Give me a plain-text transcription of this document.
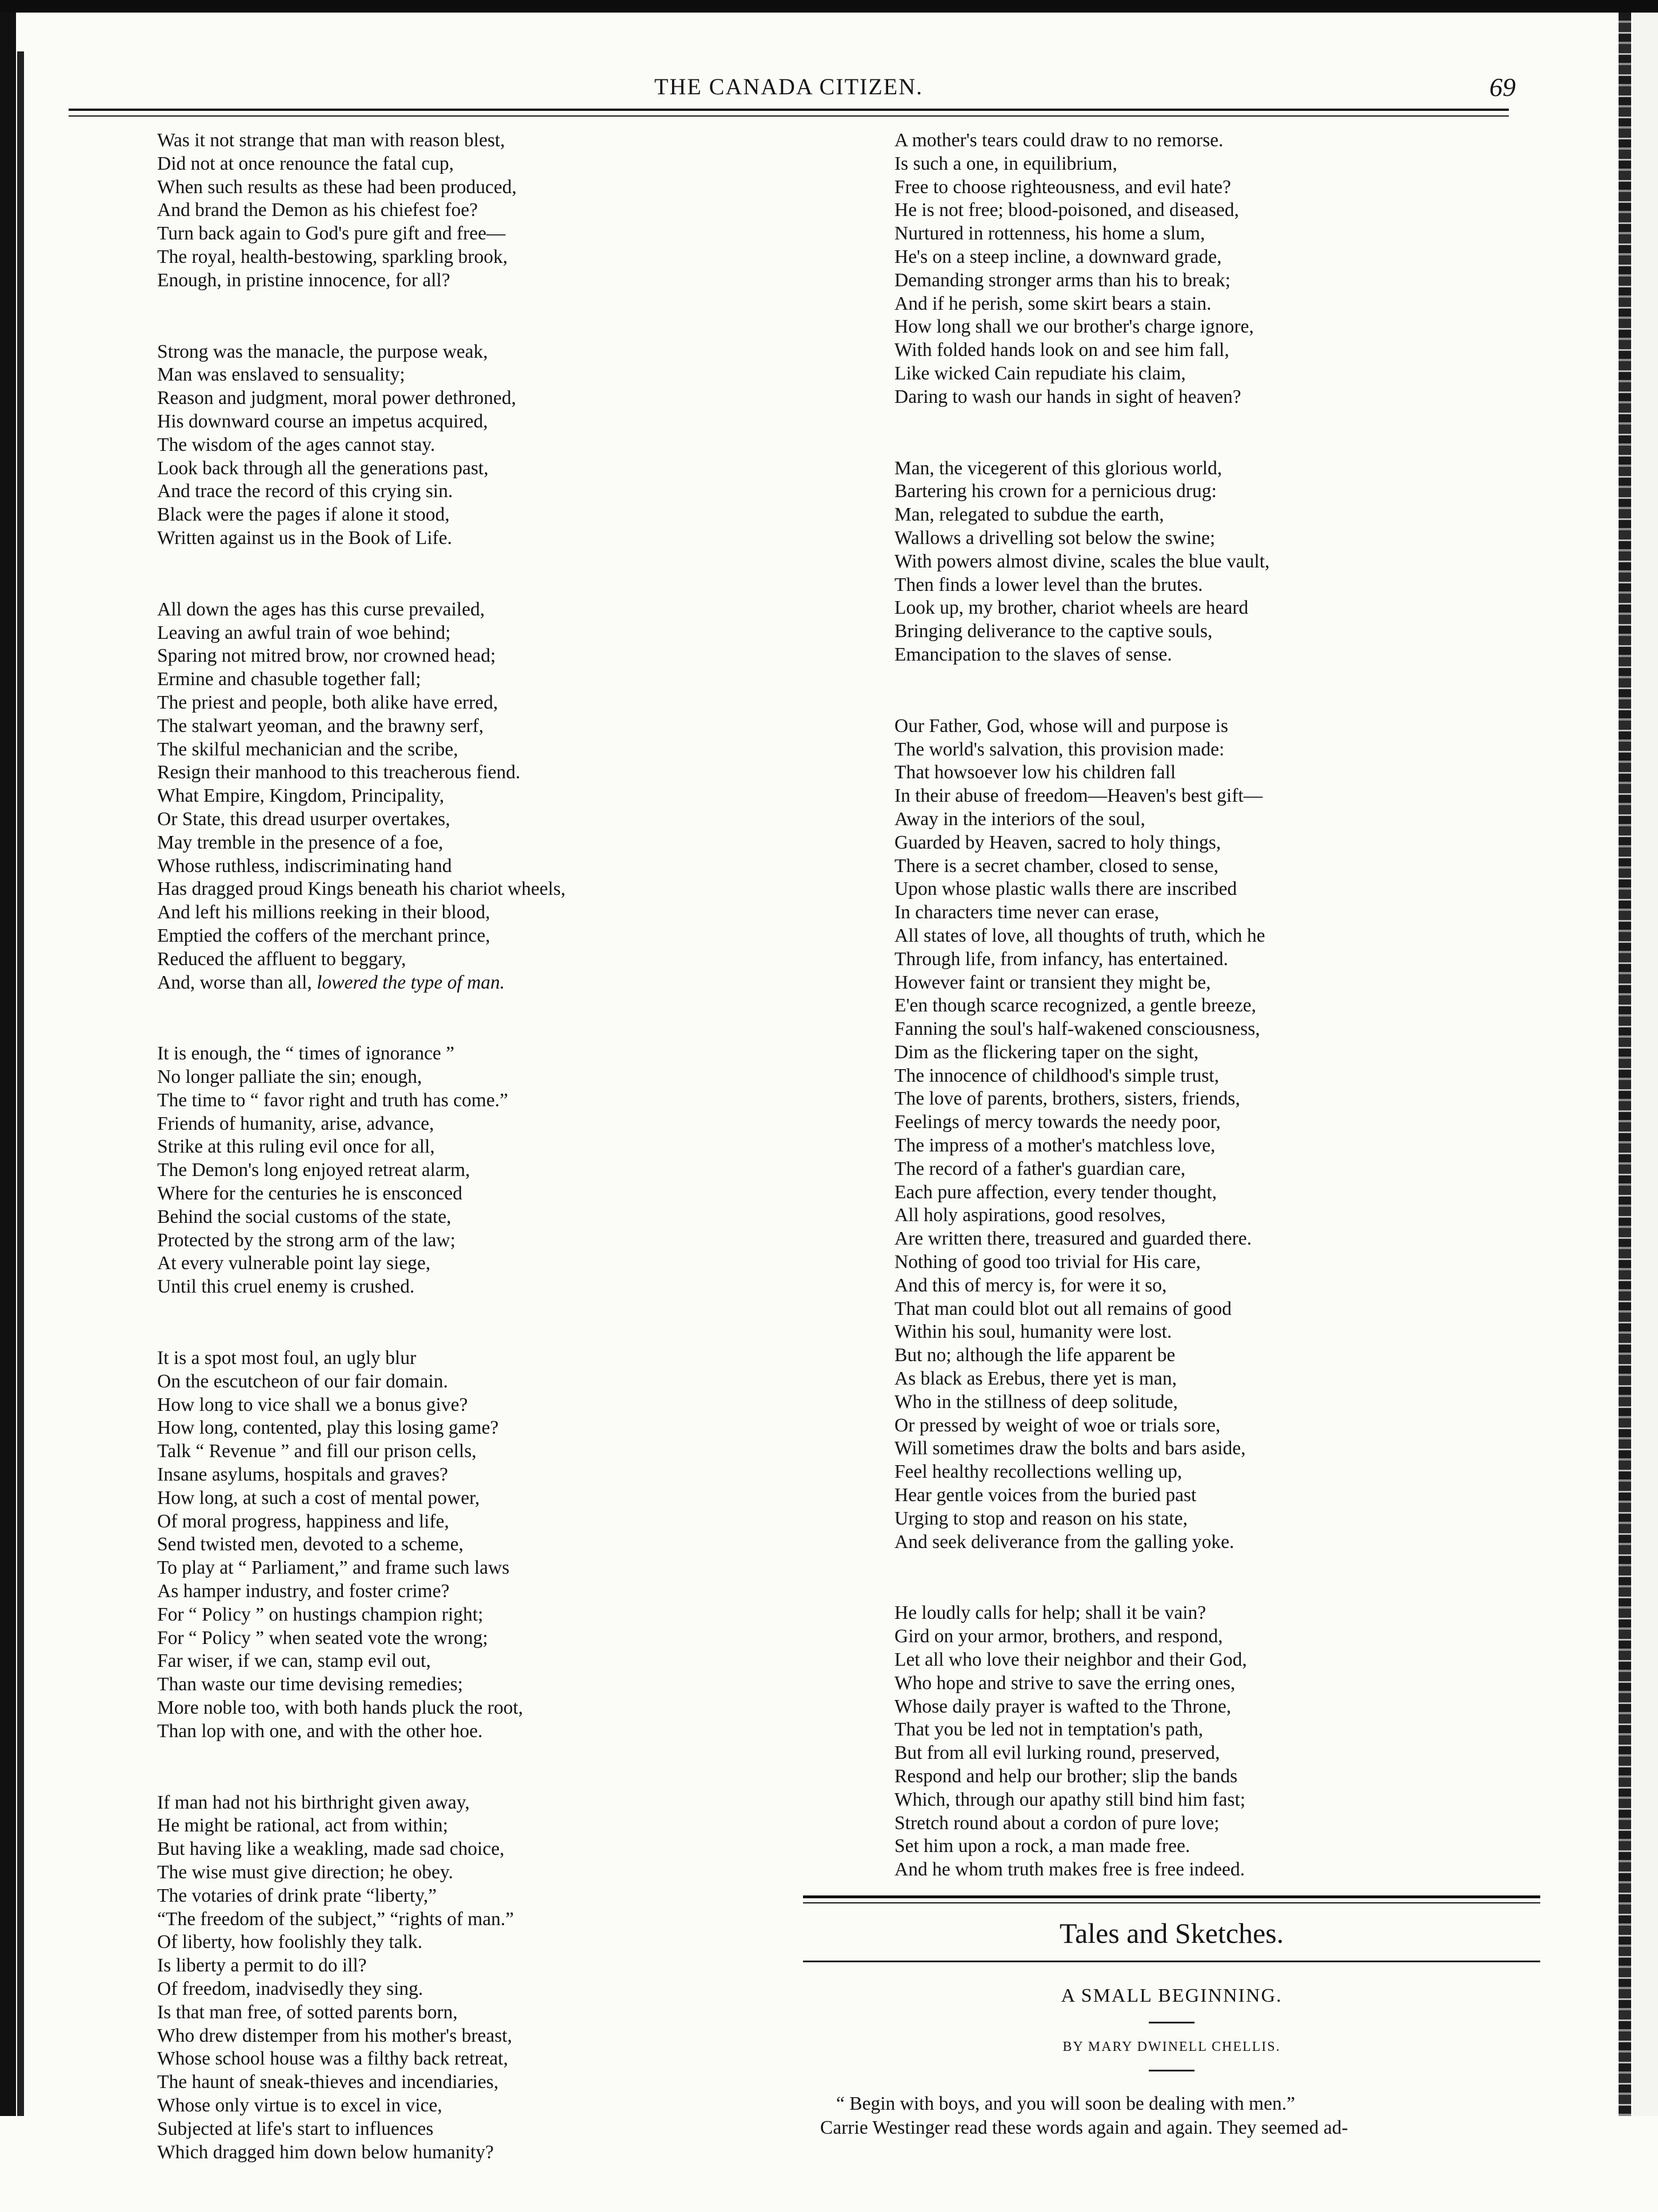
THE CANADA CITIZEN.	69
Was it not strange that man with reason blest,
Did not at once renounce the fatal cup,
When such results as these had been produced,
And brand the Demon as his chiefest foe?
Turn back again to God's pure gift and free—
The royal, health-bestowing, sparkling brook,
Enough, in pristine innocence, for all?
Strong was the manacle, the purpose weak,
Man was enslaved to sensuality;
Reason and judgment, moral power dethroned,
His downward course an impetus acquired,
The wisdom of the ages cannot stay.
Look back through all the generations past,
And trace the record of this crying sin.
Black were the pages if alone it stood,
Written against us in the Book of Life.
All down the ages has this curse prevailed,
Leaving an awful train of woe behind;
Sparing not mitred brow, nor crowned head;
Ermine and chasuble together fall;
The priest and people, both alike have erred,
The stalwart yeoman, and the brawny serf,
The skilful mechanician and the scribe,
Resign their manhood to this treacherous fiend.
What Empire, Kingdom, Principality,
Or State, this dread usurper overtakes,
May tremble in the presence of a foe,
Whose ruthless, indiscriminating hand
Has dragged proud Kings beneath his chariot wheels,
And left his millions reeking in their blood,
Emptied the coffers of the merchant prince,
Reduced the affluent to beggary,
And, worse than all, lowered the type of man.
It is enough, the “ times of ignorance ”
No longer palliate the sin; enough,
The time to “ favor right and truth has come.”
Friends of humanity, arise, advance,
Strike at this ruling evil once for all,
The Demon's long enjoyed retreat alarm,
Where for the centuries he is ensconced
Behind the social customs of the state,
Protected by the strong arm of the law;
At every vulnerable point lay siege,
Until this cruel enemy is crushed.
It is a spot most foul, an ugly blur
On the escutcheon of our fair domain.
How long to vice shall we a bonus give?
How long, contented, play this losing game?
Talk “ Revenue ” and fill our prison cells,
Insane asylums, hospitals and graves?
How long, at such a cost of mental power,
Of moral progress, happiness and life,
Send twisted men, devoted to a scheme,
To play at “ Parliament,” and frame such laws
As hamper industry, and foster crime?
For “ Policy ” on hustings champion right;
For “ Policy ” when seated vote the wrong;
Far wiser, if we can, stamp evil out,
Than waste our time devising remedies;
More noble too, with both hands pluck the root,
Than lop with one, and with the other hoe.
If man had not his birthright given away,
He might be rational, act from within;
But having like a weakling, made sad choice,
The wise must give direction; he obey.
The votaries of drink prate “liberty,”
“The freedom of the subject,” “rights of man.”
Of liberty, how foolishly they talk.
Is liberty a permit to do ill?
Of freedom, inadvisedly they sing.
Is that man free, of sotted parents born,
Who drew distemper from his mother's breast,
Whose school house was a filthy back retreat,
The haunt of sneak-thieves and incendiaries,
Whose only virtue is to excel in vice,
Subjected at life's start to influences
Which dragged him down below humanity?
A mother's tears could draw to no remorse.
Is such a one, in equilibrium,
Free to choose righteousness, and evil hate?
He is not free; blood-poisoned, and diseased,
Nurtured in rottenness, his home a slum,
He's on a steep incline, a downward grade,
Demanding stronger arms than his to break;
And if he perish, some skirt bears a stain.
How long shall we our brother's charge ignore,
With folded hands look on and see him fall,
Like wicked Cain repudiate his claim,
Daring to wash our hands in sight of heaven?
Man, the vicegerent of this glorious world,
Bartering his crown for a pernicious drug:
Man, relegated to subdue the earth,
Wallows a drivelling sot below the swine;
With powers almost divine, scales the blue vault,
Then finds a lower level than the brutes.
Look up, my brother, chariot wheels are heard
Bringing deliverance to the captive souls,
Emancipation to the slaves of sense.
Our Father, God, whose will and purpose is
The world's salvation, this provision made:
That howsoever low his children fall
In their abuse of freedom—Heaven's best gift—
Away in the interiors of the soul,
Guarded by Heaven, sacred to holy things,
There is a secret chamber, closed to sense,
Upon whose plastic walls there are inscribed
In characters time never can erase,
All states of love, all thoughts of truth, which he
Through life, from infancy, has entertained.
However faint or transient they might be,
E'en though scarce recognized, a gentle breeze,
Fanning the soul's half-wakened consciousness,
Dim as the flickering taper on the sight,
The innocence of childhood's simple trust,
The love of parents, brothers, sisters, friends,
Feelings of mercy towards the needy poor,
The impress of a mother's matchless love,
The record of a father's guardian care,
Each pure affection, every tender thought,
All holy aspirations, good resolves,
Are written there, treasured and guarded there.
Nothing of good too trivial for His care,
And this of mercy is, for were it so,
That man could blot out all remains of good
Within his soul, humanity were lost.
But no; although the life apparent be
As black as Erebus, there yet is man,
Who in the stillness of deep solitude,
Or pressed by weight of woe or trials sore,
Will sometimes draw the bolts and bars aside,
Feel healthy recollections welling up,
Hear gentle voices from the buried past
Urging to stop and reason on his state,
And seek deliverance from the galling yoke.
He loudly calls for help; shall it be vain?
Gird on your armor, brothers, and respond,
Let all who love their neighbor and their God,
Who hope and strive to save the erring ones,
Whose daily prayer is wafted to the Throne,
That you be led not in temptation's path,
But from all evil lurking round, preserved,
Respond and help our brother; slip the bands
Which, through our apathy still bind him fast;
Stretch round about a cordon of pure love;
Set him upon a rock, a man made free.
And he whom truth makes free is free indeed.
Tales and Sketches.
A SMALL BEGINNING.
BY MARY DWINELL CHELLIS.
“ Begin with boys, and you will soon be dealing with men.”
Carrie Westinger read these words again and again. They seemed ad-
